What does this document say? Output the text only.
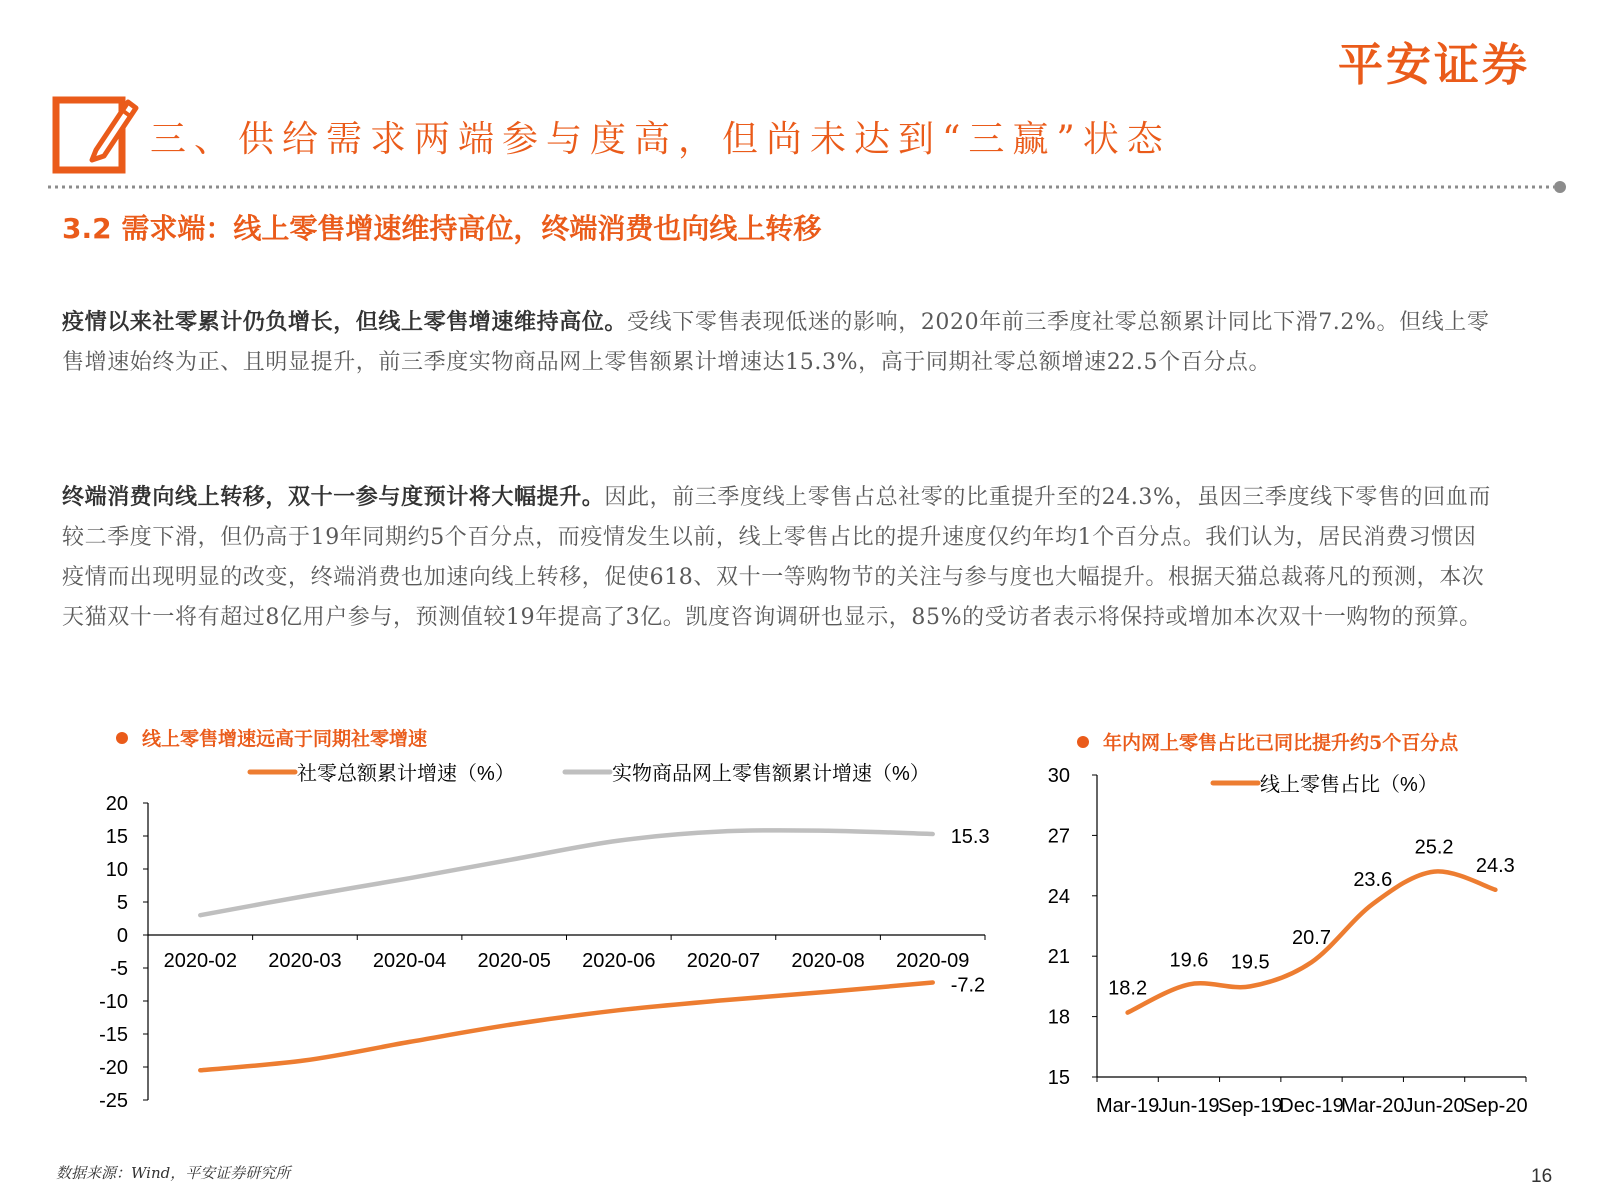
平安证券
三、供给需求两端参与度高，但尚未达到“三赢”状态
3.2 需求端：线上零售增速维持高位，终端消费也向线上转移
疫情以来社零累计仍负增长，但线上零售增速维持高位。受线下零售表现低迷的影响，2020年前三季度社零总额累计同比下滑7.2%。但线上零售增速始终为正、且明显提升，前三季度实物商品网上零售额累计增速达15.3%，高于同期社零总额增速22.5个百分点。
终端消费向线上转移，双十一参与度预计将大幅提升。因此，前三季度线上零售占总社零的比重提升至的24.3%，虽因三季度线下零售的回血而较二季度下滑，但仍高于19年同期约5个百分点，而疫情发生以前，线上零售占比的提升速度仅约年均1个百分点。我们认为，居民消费习惯因疫情而出现明显的改变，终端消费也加速向线上转移，促使618、双十一等购物节的关注与参与度也大幅提升。根据天猫总裁蒋凡的预测，本次天猫双十一将有超过8亿用户参与，预测值较19年提高了3亿。凯度咨询调研也显示，85%的受访者表示将保持或增加本次双十一购物的预算。
线上零售增速远高于同期社零增速	年内网上零售占比已同比提升约5个百分点
20
15
10
5
0
-5
-10
-15
-20
-25
2020-02 2020-03 2020-04 2020-05 2020-06 2020-07 2020-08 2020-09
社零总额累计增速（%）	实物商品网上零售额累计增速（%）
-7.2
15.3
30
27
24
21
18
15
Mar-19 Jun-19
Sep-19
Dec-19
Mar-20 Jun-20
Sep-20
线上零售占比（%）
18.2
19.6 19.5
20.7
23.6
25.2
24.3
数据来源：Wind，平安证券研究所	16
